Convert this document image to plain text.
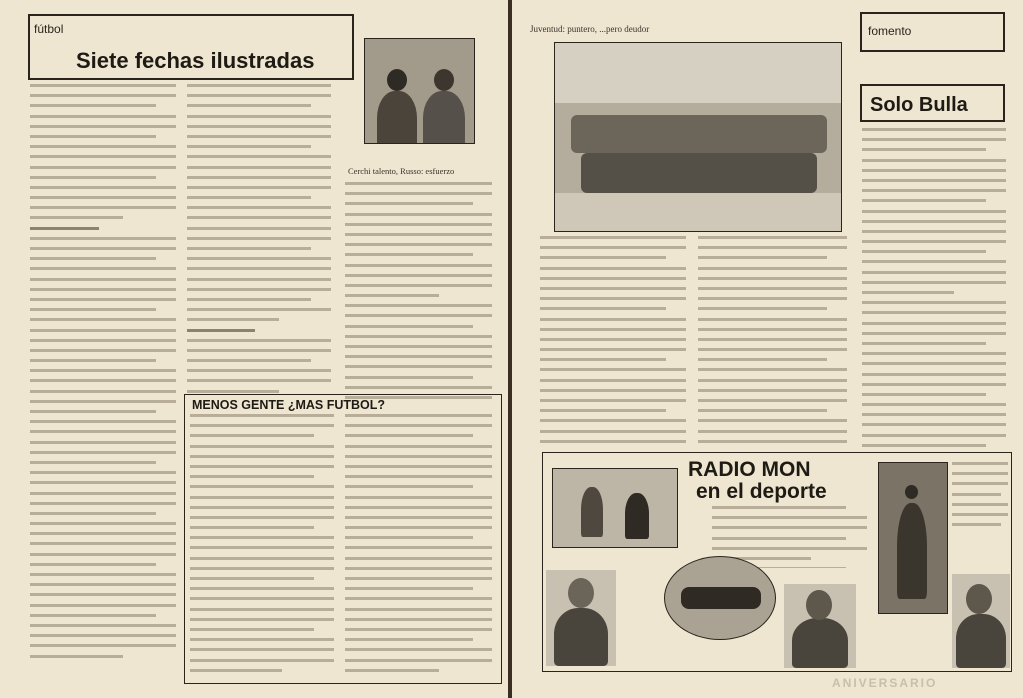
fútbol
Siete fechas ilustradas
Cerchi talento, Russo: esfuerzo
MENOS GENTE ¿MAS FUTBOL?
Juventud: puntero, ...pero deudor	fomento
Solo Bulla
RADIO MON
en el deporte
ANIVERSARIO
